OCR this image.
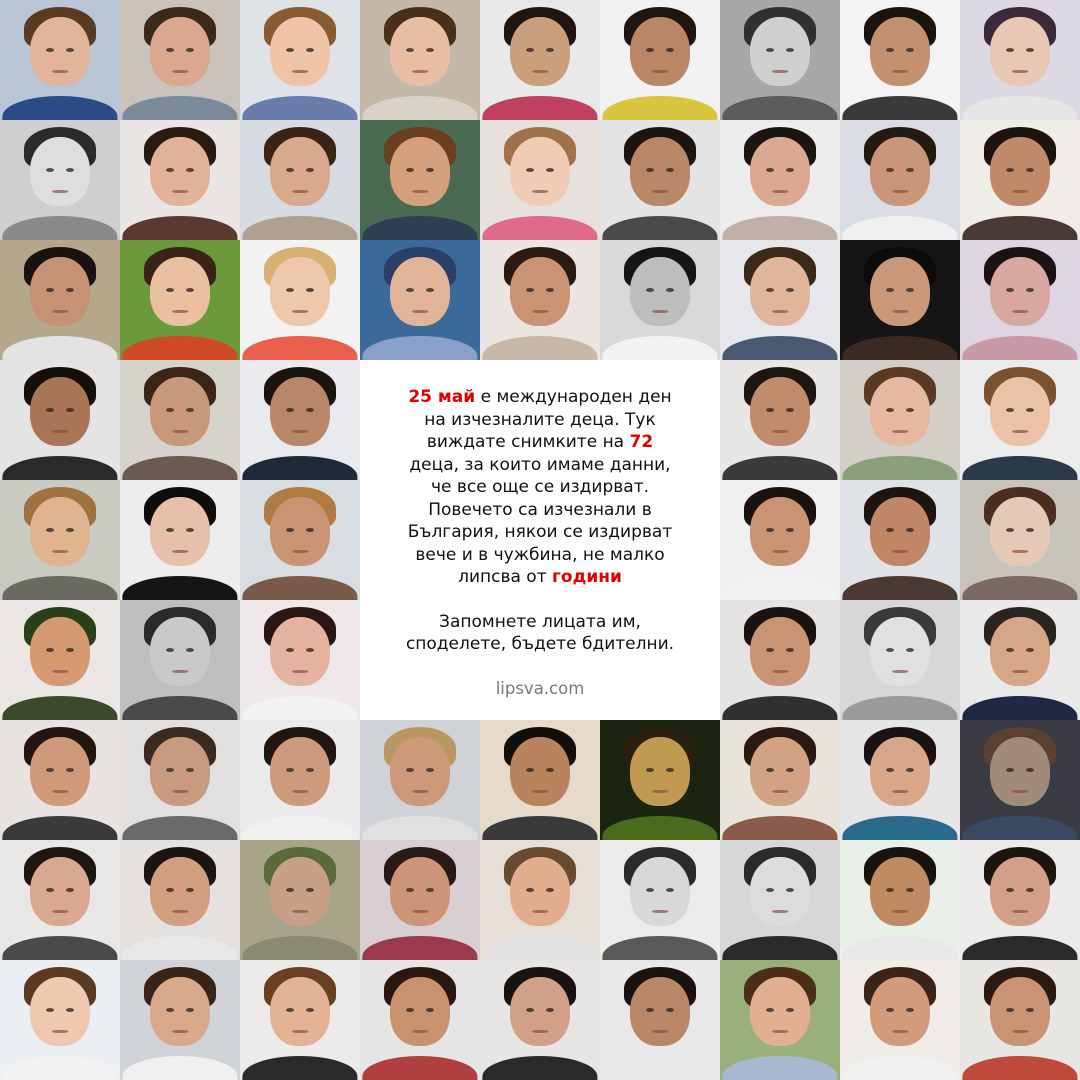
25 май е международен ден
на изчезналите деца. Тук
виждате снимките на 72
деца, за които имаме данни,
че все още се издирват.
Повечето са изчезнали в
България, някои се издирват
вече и в чужбина, не малко
липсва от години

Запомнете лицата им,
споделете, бъдете бдителни.

lipsva.com
